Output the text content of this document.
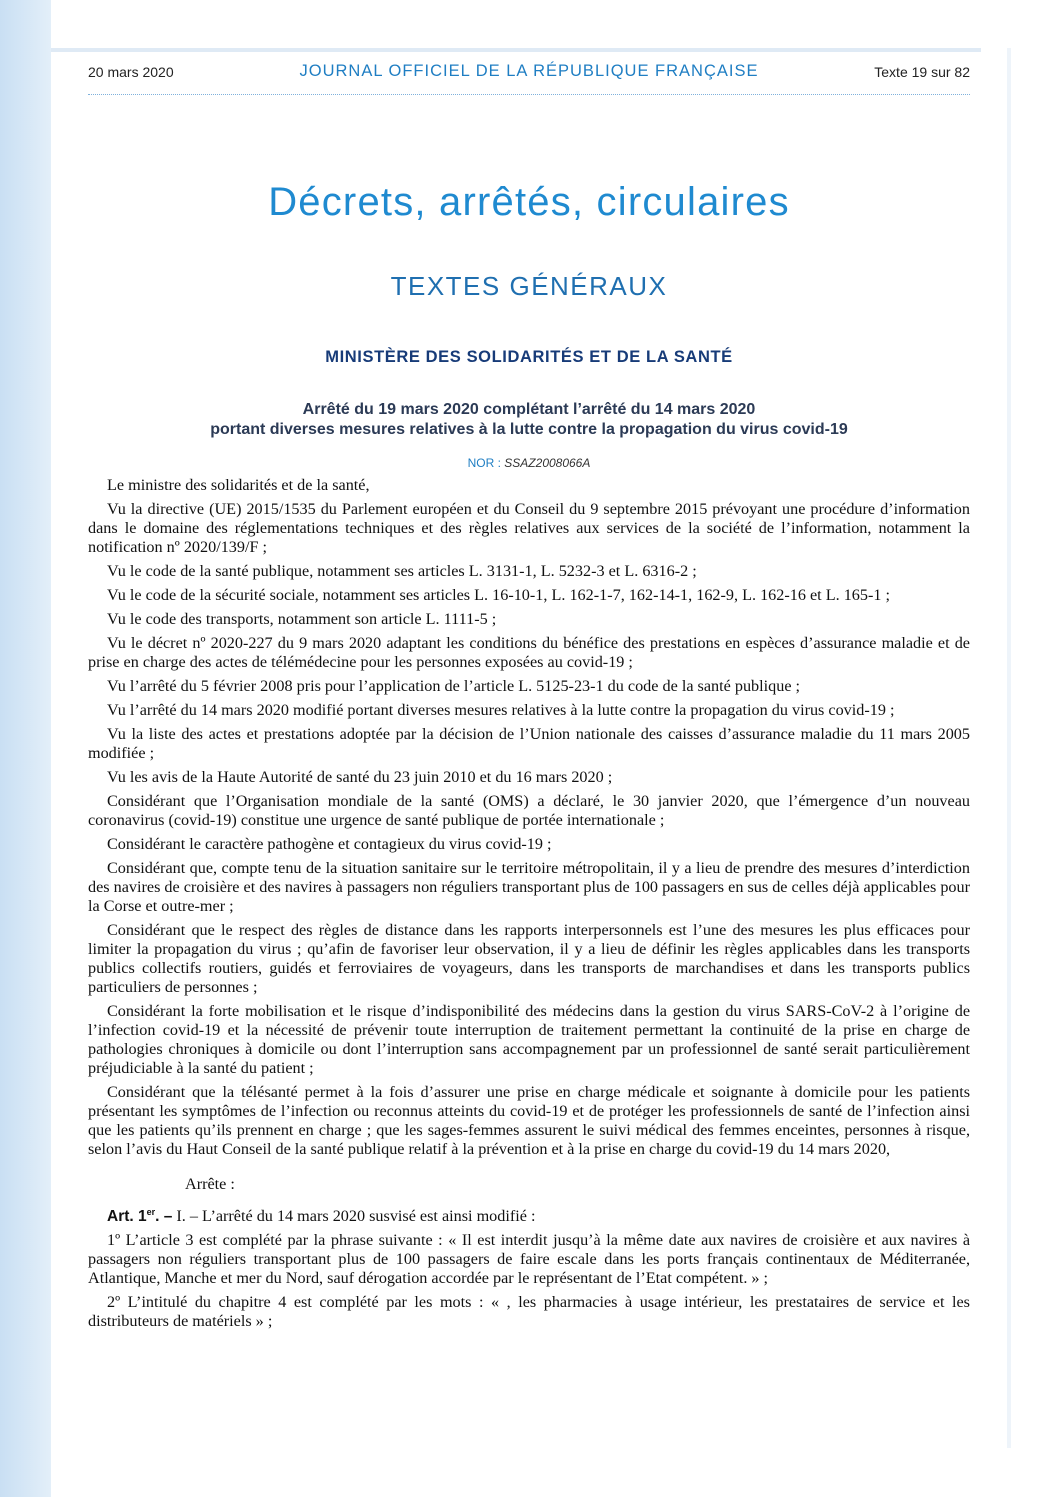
20 mars 2020	JOURNAL OFFICIEL DE LA RÉPUBLIQUE FRANÇAISE	Texte 19 sur 82
Décrets, arrêtés, circulaires
TEXTES GÉNÉRAUX
MINISTÈRE DES SOLIDARITÉS ET DE LA SANTÉ
Arrêté du 19 mars 2020 complétant l’arrêté du 14 mars 2020
portant diverses mesures relatives à la lutte contre la propagation du virus covid-19
NOR : SSAZ2008066A

Le ministre des solidarités et de la santé,

Vu la directive (UE) 2015/1535 du Parlement européen et du Conseil du 9 septembre 2015 prévoyant une procédure d’information dans le domaine des réglementations techniques et des règles relatives aux services de la société de l’information, notamment la notification nº 2020/139/F ;

Vu le code de la santé publique, notamment ses articles L. 3131-1, L. 5232-3 et L. 6316-2 ;

Vu le code de la sécurité sociale, notamment ses articles L. 16-10-1, L. 162-1-7, 162-14-1, 162-9, L. 162-16 et L. 165-1 ;

Vu le code des transports, notamment son article L. 1111-5 ;

Vu le décret nº 2020-227 du 9 mars 2020 adaptant les conditions du bénéfice des prestations en espèces d’assurance maladie et de prise en charge des actes de télémédecine pour les personnes exposées au covid-19 ;

Vu l’arrêté du 5 février 2008 pris pour l’application de l’article L. 5125-23-1 du code de la santé publique ;

Vu l’arrêté du 14 mars 2020 modifié portant diverses mesures relatives à la lutte contre la propagation du virus covid-19 ;

Vu la liste des actes et prestations adoptée par la décision de l’Union nationale des caisses d’assurance maladie du 11 mars 2005 modifiée ;

Vu les avis de la Haute Autorité de santé du 23 juin 2010 et du 16 mars 2020 ;

Considérant que l’Organisation mondiale de la santé (OMS) a déclaré, le 30 janvier 2020, que l’émergence d’un nouveau coronavirus (covid-19) constitue une urgence de santé publique de portée internationale ;

Considérant le caractère pathogène et contagieux du virus covid-19 ;

Considérant que, compte tenu de la situation sanitaire sur le territoire métropolitain, il y a lieu de prendre des mesures d’interdiction des navires de croisière et des navires à passagers non réguliers transportant plus de 100 passagers en sus de celles déjà applicables pour la Corse et outre-mer ;

Considérant que le respect des règles de distance dans les rapports interpersonnels est l’une des mesures les plus efficaces pour limiter la propagation du virus ; qu’afin de favoriser leur observation, il y a lieu de définir les règles applicables dans les transports publics collectifs routiers, guidés et ferroviaires de voyageurs, dans les transports de marchandises et dans les transports publics particuliers de personnes ;

Considérant la forte mobilisation et le risque d’indisponibilité des médecins dans la gestion du virus SARS-CoV-2 à l’origine de l’infection covid-19 et la nécessité de prévenir toute interruption de traitement permettant la continuité de la prise en charge de pathologies chroniques à domicile ou dont l’interruption sans accompagnement par un professionnel de santé serait particulièrement préjudiciable à la santé du patient ;

Considérant que la télésanté permet à la fois d’assurer une prise en charge médicale et soignante à domicile pour les patients présentant les symptômes de l’infection ou reconnus atteints du covid-19 et de protéger les professionnels de santé de l’infection ainsi que les patients qu’ils prennent en charge ; que les sages-femmes assurent le suivi médical des femmes enceintes, personnes à risque, selon l’avis du Haut Conseil de la santé publique relatif à la prévention et à la prise en charge du covid-19 du 14 mars 2020,

Arrête :

Art. 1er. – I. – L’arrêté du 14 mars 2020 susvisé est ainsi modifié :

1º L’article 3 est complété par la phrase suivante : « Il est interdit jusqu’à la même date aux navires de croisière et aux navires à passagers non réguliers transportant plus de 100 passagers de faire escale dans les ports français continentaux de Méditerranée, Atlantique, Manche et mer du Nord, sauf dérogation accordée par le représentant de l’Etat compétent. » ;

2º L’intitulé du chapitre 4 est complété par les mots : « , les pharmacies à usage intérieur, les prestataires de service et les distributeurs de matériels » ;
